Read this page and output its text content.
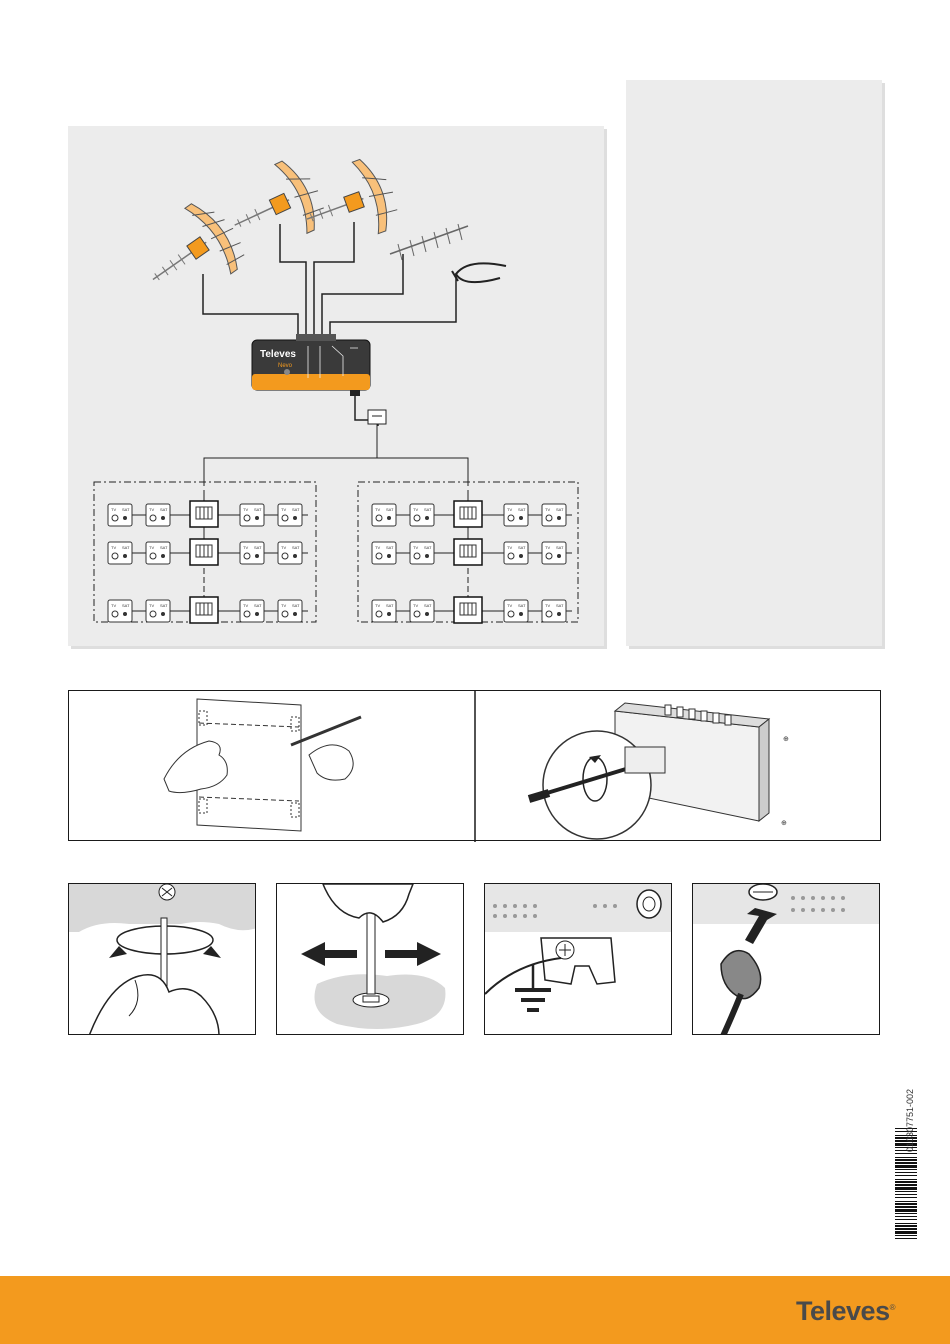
Televes
Nevo
TV SAT	TV SAT	TV SAT	TV SAT
TV SAT	TV SAT	TV SAT	TV SAT
TV SAT	TV SAT	TV SAT	TV SAT
TV SAT	TV SAT	TV SAT	TV SAT
TV SAT	TV SAT	TV SAT	TV SAT
TV SAT	TV SAT	TV SAT	TV SAT
⊕
⊕
010307751-002
Televes®
